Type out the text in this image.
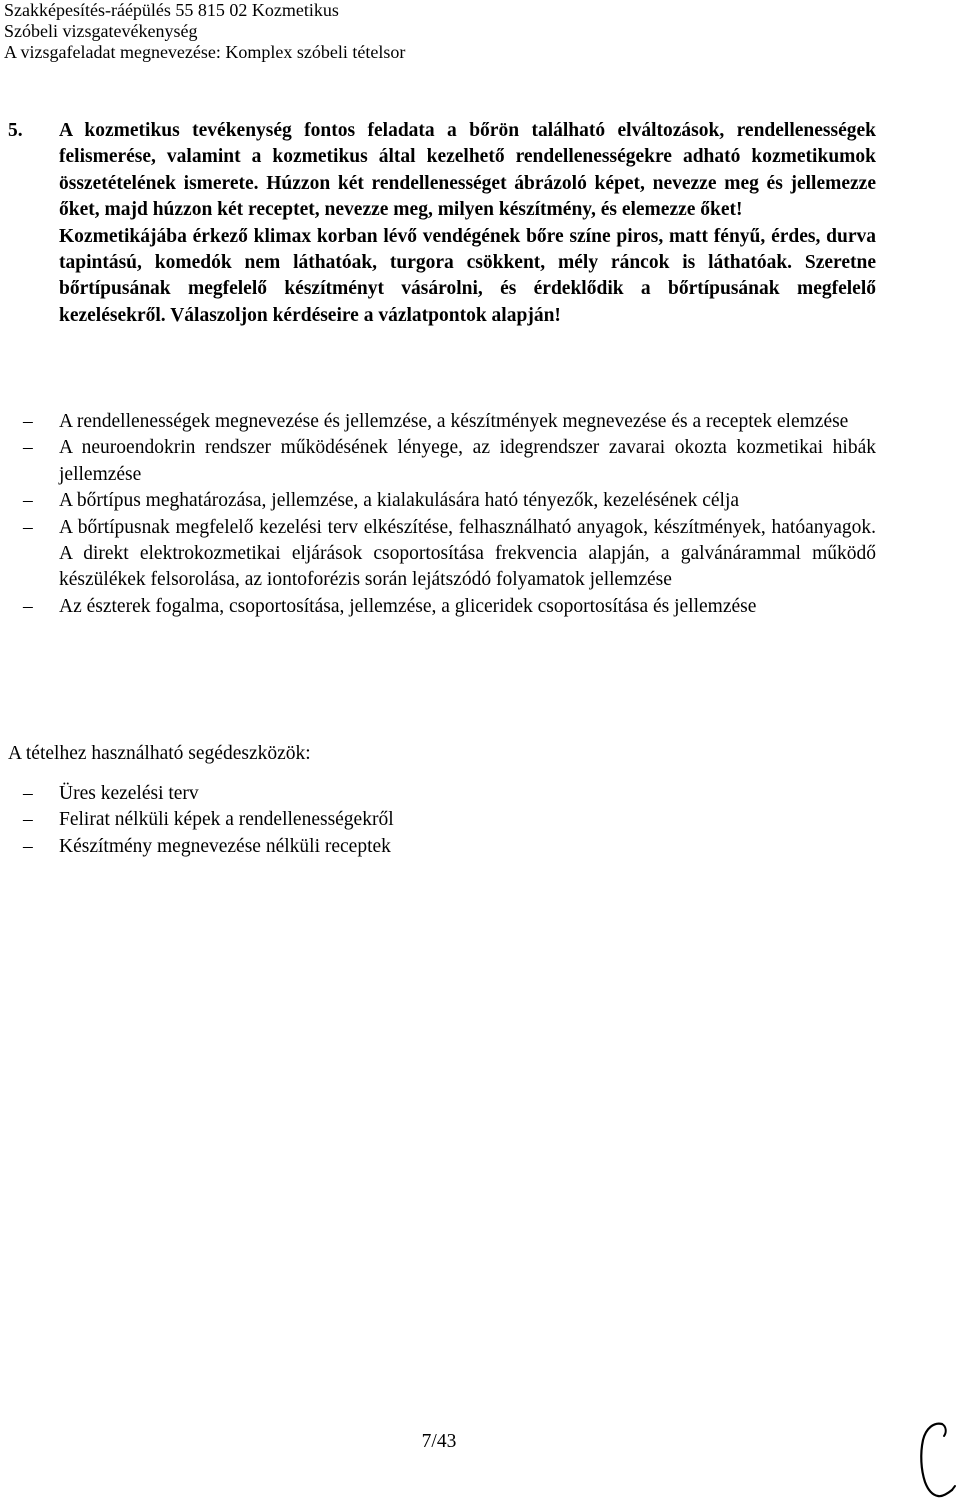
Szakképesítés-ráépülés 55 815 02 Kozmetikus
Szóbeli vizsgatevékenység
A vizsgafeladat megnevezése: Komplex szóbeli tételsor
5. A kozmetikus tevékenység fontos feladata a bőrön található elváltozások, rendellenességek felismerése, valamint a kozmetikus által kezelhető rendellenességekre adható kozmetikumok összetételének ismerete. Húzzon két rendellenességet ábrázoló képet, nevezze meg és jellemezze őket, majd húzzon két receptet, nevezze meg, milyen készítmény, és elemezze őket!

Kozmetikájába érkező klimax korban lévő vendégének bőre színe piros, matt fényű, érdes, durva tapintású, komedók nem láthatóak, turgora csökkent, mély ráncok is láthatóak. Szeretne bőrtípusának megfelelő készítményt vásárolni, és érdeklődik a bőrtípusának megfelelő kezelésekről. Válaszoljon kérdéseire a vázlatpontok alapján!

– A rendellenességek megnevezése és jellemzése, a készítmények megnevezése és a receptek elemzése
– A neuroendokrin rendszer működésének lényege, az idegrendszer zavarai okozta kozmetikai hibák jellemzése
– A bőrtípus meghatározása, jellemzése, a kialakulására ható tényezők, kezelésének célja
– A bőrtípusnak megfelelő kezelési terv elkészítése, felhasználható anyagok, készítmények, hatóanyagok. A direkt elektrokozmetikai eljárások csoportosítása frekvencia alapján, a galvánárammal működő készülékek felsorolása, az iontoforézis során lejátszódó folyamatok jellemzése
– Az észterek fogalma, csoportosítása, jellemzése, a gliceridek csoportosítása és jellemzése
A tételhez használható segédeszközök:
– Üres kezelési terv
– Felirat nélküli képek a rendellenességekről
– Készítmény megnevezése nélküli receptek
7/43
